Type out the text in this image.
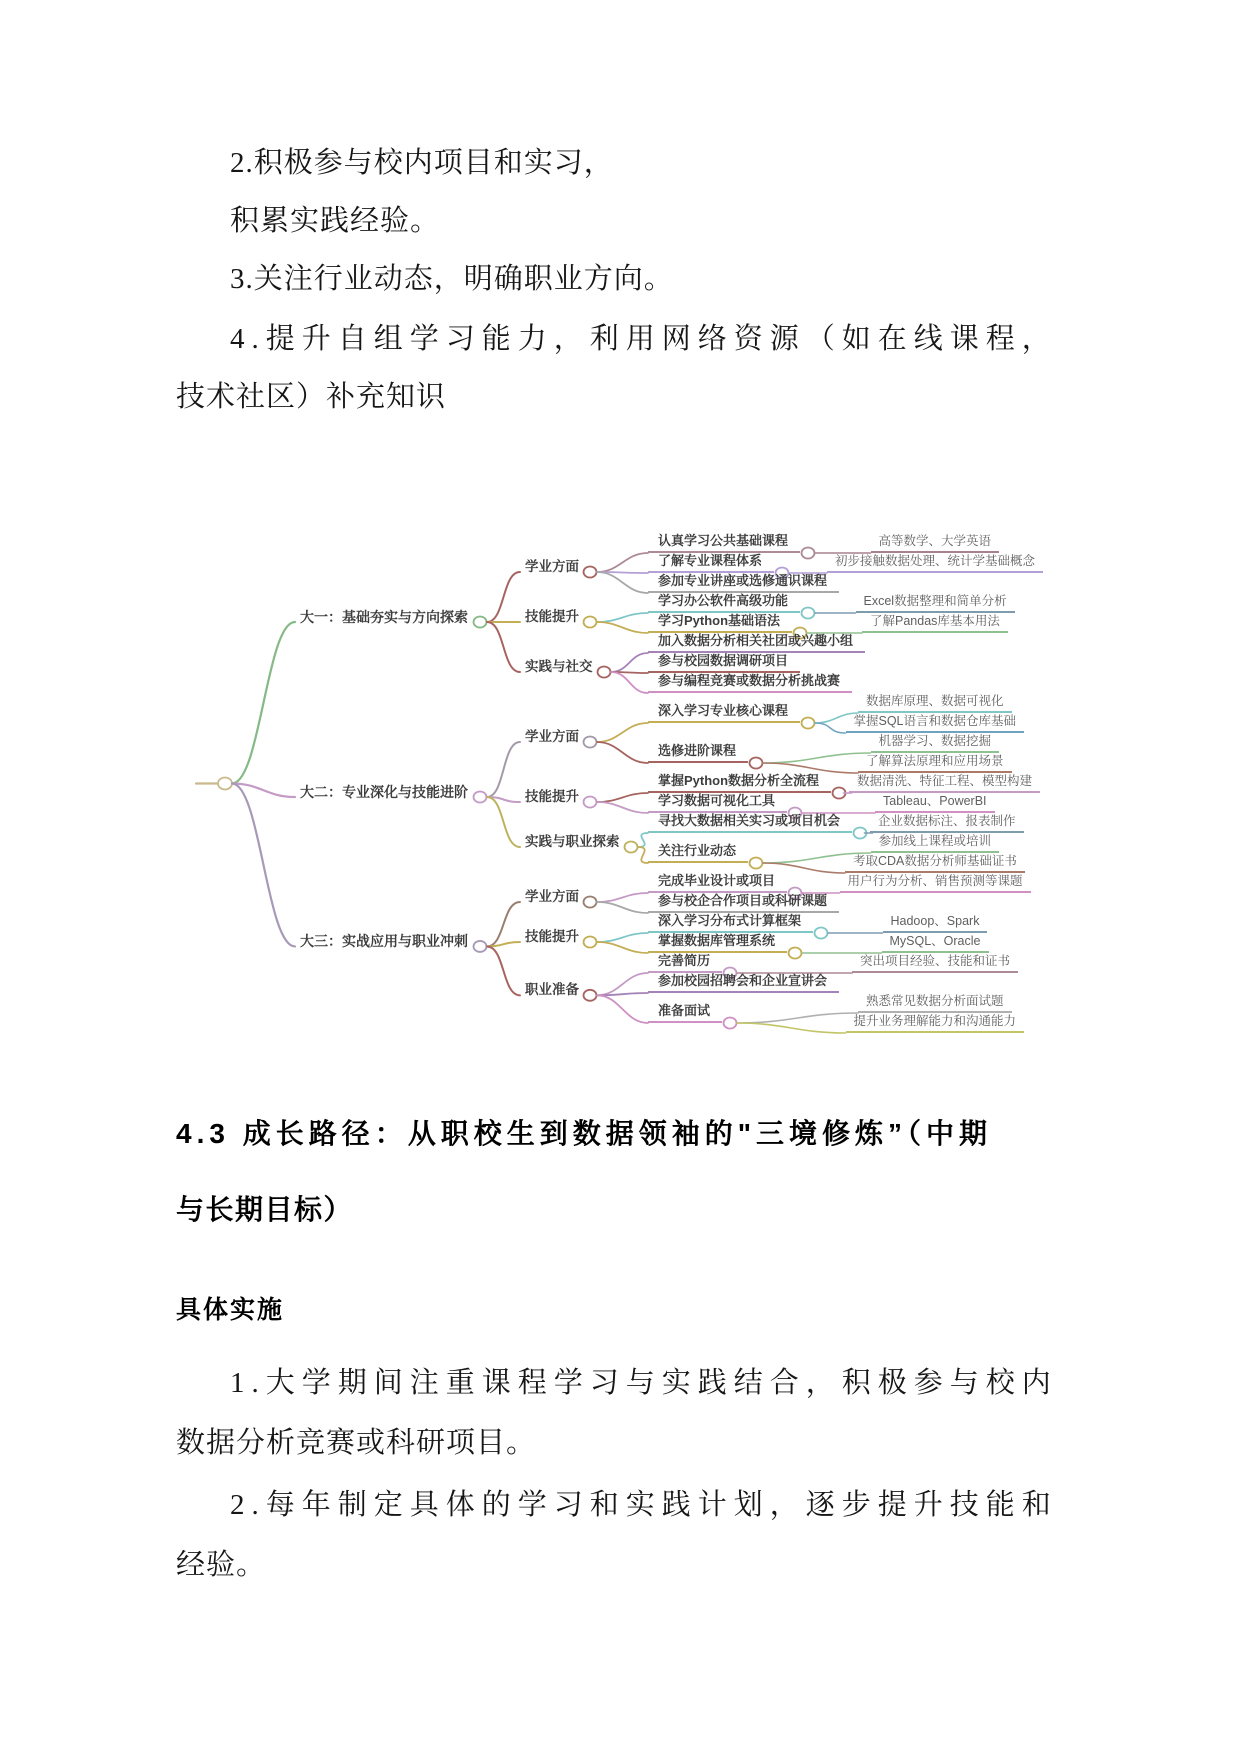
2.积极参与校内项目和实习，
积累实践经验。
3.关注行业动态，明确职业方向。
4.提升自组学习能力，利用网络资源（如在线课程，
技术社区）补充知识
大一：基础夯实与方向探索
学业方面
认真学习公共基础课程	高等数学、大学英语
了解专业课程体系	初步接触数据处理、统计学基础概念
参加专业讲座或选修通识课程
技能提升
学习办公软件高级功能	Excel数据整理和简单分析
学习Python基础语法	了解Pandas库基本用法
实践与社交
加入数据分析相关社团或兴趣小组
参与校园数据调研项目
参与编程竞赛或数据分析挑战赛
大二：专业深化与技能进阶
学业方面
深入学习专业核心课程
数据库原理、数据可视化
掌握SQL语言和数据仓库基础
选修进阶课程
机器学习、数据挖掘
了解算法原理和应用场景
技能提升
掌握Python数据分析全流程	数据清洗、特征工程、模型构建
学习数据可视化工具	Tableau、PowerBI
实践与职业探索
寻找大数据相关实习或项目机会	企业数据标注、报表制作
关注行业动态
参加线上课程或培训
考取CDA数据分析师基础证书
大三：实战应用与职业冲刺
学业方面
完成毕业设计或项目	用户行为分析、销售预测等课题
参与校企合作项目或科研课题
技能提升
深入学习分布式计算框架	Hadoop、Spark
掌握数据库管理系统	MySQL、Oracle
职业准备
完善简历	突出项目经验、技能和证书
参加校园招聘会和企业宣讲会
准备面试
熟悉常见数据分析面试题
提升业务理解能力和沟通能力
4.3 成长路径：从职校生到数据领袖的"三境修炼”（中期
与长期目标）
具体实施
1.大学期间注重课程学习与实践结合，积极参与校内
数据分析竞赛或科研项目。
2.每年制定具体的学习和实践计划，逐步提升技能和
经验。
